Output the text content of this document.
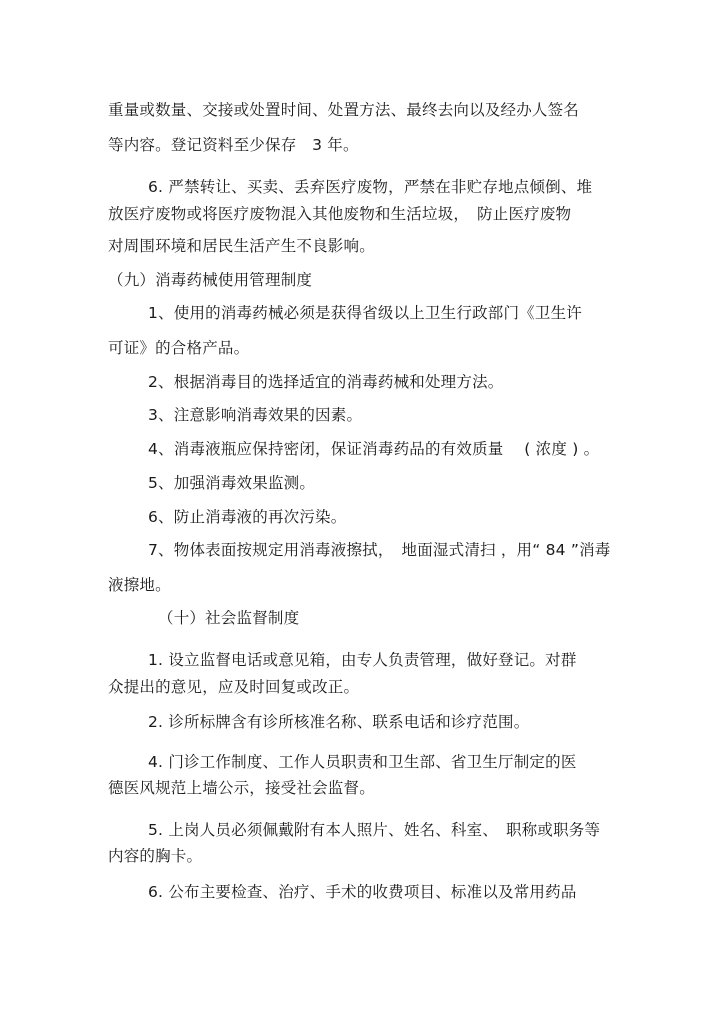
重量或数量、交接或处置时间、处置方法、最终去向以及经办人签名
等内容。登记资料至少保存　3 年。
6. 严禁转让、买卖、丢弃医疗废物，严禁在非贮存地点倾倒、堆
放医疗废物或将医疗废物混入其他废物和生活垃圾，　防止医疗废物
对周围环境和居民生活产生不良影响。
（九）消毒药械使用管理制度
1、使用的消毒药械必须是获得省级以上卫生行政部门《卫生许
可证》的合格产品。
2、根据消毒目的选择适宜的消毒药械和处理方法。
3、注意影响消毒效果的因素。
4、消毒液瓶应保持密闭，保证消毒药品的有效质量　 ( 浓度 ) 。
5、加强消毒效果监测。
6、防止消毒液的再次污染。
7、物体表面按规定用消毒液擦拭，　地面湿式清扫 ，用“ 84 ”消毒
液擦地。
（十）社会监督制度
1. 设立监督电话或意见箱，由专人负责管理，做好登记。对群
众提出的意见，应及时回复或改正。
2. 诊所标牌含有诊所核准名称、联系电话和诊疗范围。
4. 门诊工作制度、工作人员职责和卫生部、省卫生厅制定的医
德医风规范上墙公示，接受社会监督。
5. 上岗人员必须佩戴附有本人照片、姓名、科室、　职称或职务等
内容的胸卡。
6. 公布主要检查、治疗、手术的收费项目、标准以及常用药品
